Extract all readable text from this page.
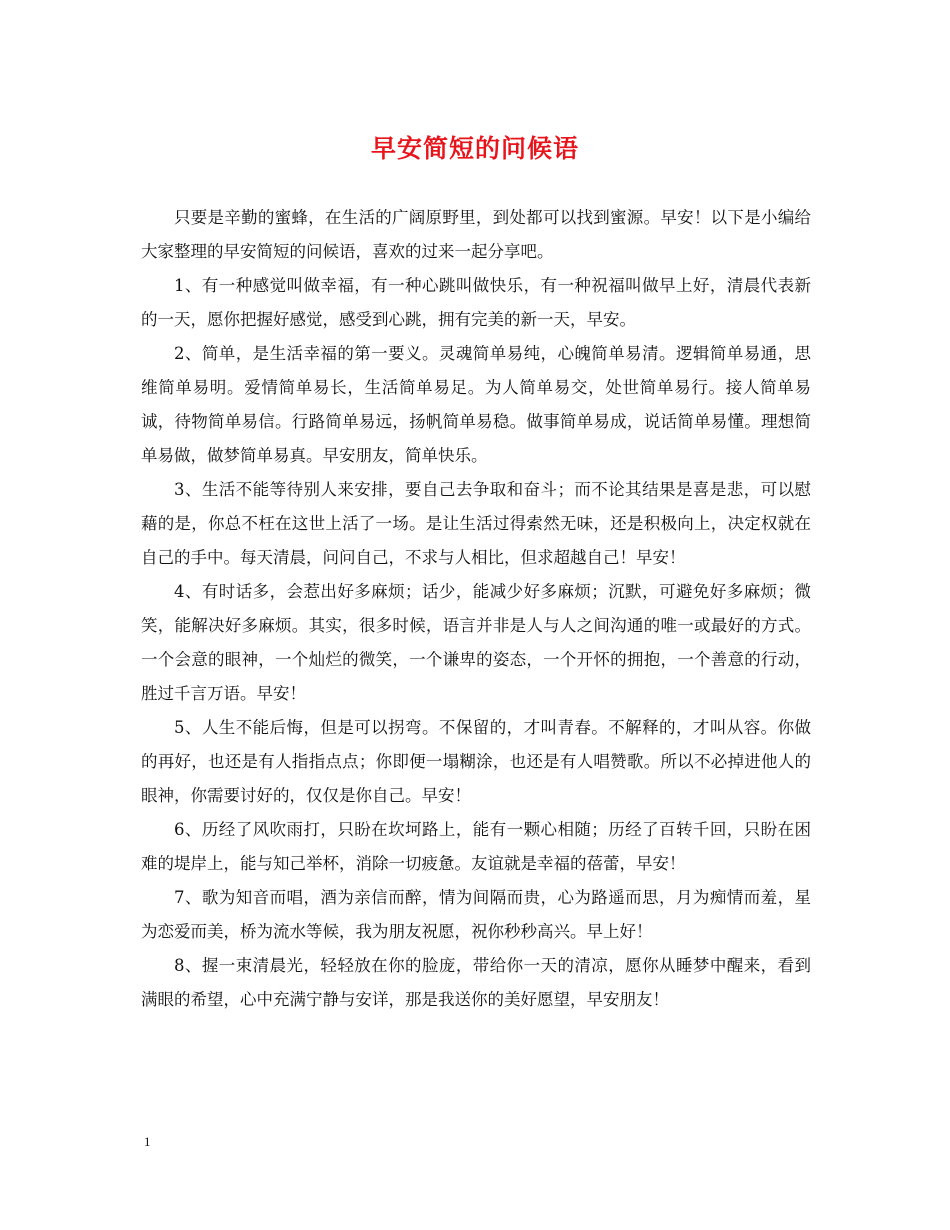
早安简短的问候语

只要是辛勤的蜜蜂，在生活的广阔原野里，到处都可以找到蜜源。早安！以下是小编给大家整理的早安简短的问候语，喜欢的过来一起分享吧。

1、有一种感觉叫做幸福，有一种心跳叫做快乐，有一种祝福叫做早上好，清晨代表新的一天，愿你把握好感觉，感受到心跳，拥有完美的新一天，早安。

2、简单，是生活幸福的第一要义。灵魂简单易纯，心魄简单易清。逻辑简单易通，思维简单易明。爱情简单易长，生活简单易足。为人简单易交，处世简单易行。接人简单易诚，待物简单易信。行路简单易远，扬帆简单易稳。做事简单易成，说话简单易懂。理想简单易做，做梦简单易真。早安朋友，简单快乐。

3、生活不能等待别人来安排，要自己去争取和奋斗；而不论其结果是喜是悲，可以慰藉的是，你总不枉在这世上活了一场。是让生活过得索然无味，还是积极向上，决定权就在自己的手中。每天清晨，问问自己，不求与人相比，但求超越自己！早安！

4、有时话多，会惹出好多麻烦；话少，能减少好多麻烦；沉默，可避免好多麻烦；微笑，能解决好多麻烦。其实，很多时候，语言并非是人与人之间沟通的唯一或最好的方式。一个会意的眼神，一个灿烂的微笑，一个谦卑的姿态，一个开怀的拥抱，一个善意的行动，胜过千言万语。早安！

5、人生不能后悔，但是可以拐弯。不保留的，才叫青春。不解释的，才叫从容。你做的再好，也还是有人指指点点；你即便一塌糊涂，也还是有人唱赞歌。所以不必掉进他人的眼神，你需要讨好的，仅仅是你自己。早安！

6、历经了风吹雨打，只盼在坎坷路上，能有一颗心相随；历经了百转千回，只盼在困难的堤岸上，能与知己举杯，消除一切疲惫。友谊就是幸福的蓓蕾，早安！

7、歌为知音而唱，酒为亲信而醉，情为间隔而贵，心为路遥而思，月为痴情而羞，星为恋爱而美，桥为流水等候，我为朋友祝愿，祝你秒秒高兴。早上好！

8、握一束清晨光，轻轻放在你的脸庞，带给你一天的清凉，愿你从睡梦中醒来，看到满眼的希望，心中充满宁静与安详，那是我送你的美好愿望，早安朋友！

1
